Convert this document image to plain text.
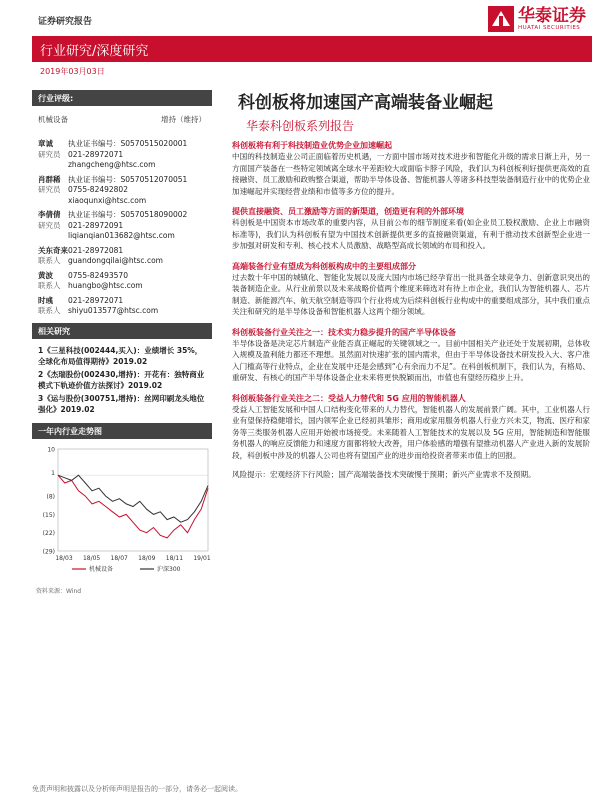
证券研究报告	华泰证券
HUATAI SECURITIES
行业研究/深度研究
2019年03月03日
行业评级:
机械设备	增持（维持）
章诚
研究员
执业证书编号：S0570515020001
021-28972071
zhangcheng@htsc.com
肖群稀
研究员
执业证书编号：S0570512070051
0755-82492802
xiaoqunxi@htsc.com
李倩倩
研究员
执业证书编号：S0570518090002
021-28972091
liqianqian013682@htsc.com
关东奇来
联系人
021-28972081
guandongqilai@htsc.com
黄波
联系人
0755-82493570
huangbo@htsc.com
时彧
联系人
021-28972071
shiyu013577@htsc.com
相关研究
1《三星科技(002444,买入)：业绩增长 35%，全球化布局值得期待》2019.02
2《杰瑞股份(002430,增持)：开花有：独特商业模式下轨迹价值方法探讨》2019.02
3《运与股份(300751,增持)：丝网印刷龙头地位强化》2019.02
一年内行业走势图
10
1
(8)
(15)
(22)
(29)
18/03 18/05 18/07 18/09 18/11 19/01
机械设备	沪深300
资料来源：Wind
科创板将加速国产高端装备业崛起
华泰科创板系列报告
科创板将有利于科技制造业优势企业加速崛起
中国的科技制造业公司正面临着历史机遇，一方面中国市场对技术进步和智能化升级的需求日渐上升，另一方面国产装备在一些特定领域离全球水平差距较大或面临卡脖子风险，我们认为科创板利好提供更高效的直接融资、员工激励和政购整合渠道，帮助半导体设备、智能机器人等诸多科技型装备制造行业中的优势企业加速崛起并实现经营业绩和市值等多方位的提升。
提供直接融资、员工激励等方面的新渠道，创造更有利的外部环境
科创板是中国资本市场改革的重要内容，从目前公布的细节制度来看(如企业员工股权激励、企业上市融资标准等)，我们认为科创板有望为中国技术创新提供更多的直接融资渠道，有利于推动技术创新型企业进一步加强对研发和专利、核心技术人员激励、战略型高成长领域的布局和投入。
高端装备行业有望成为科创板构成中的主要组成部分
过去数十年中国的城镇化、智能化发展以及庞大国内市场已经孕育出一批具备全球竞争力、创新意识突出的装备制造企业。从行业前景以及未来战略价值两个维度来筛选对有待上市企业，我们认为智能机器人、芯片制造、新能源汽车、航天航空制造等四个行业将成为后续科创板行业构成中的重要组成部分，其中我们重点关注和研究的是半导体设备和智能机器人这两个细分领域。
科创板装备行业关注之一：技术实力稳步提升的国产半导体设备
半导体设备是决定芯片制造产业能否真正崛起的关键领域之一。目前中国相关产业还处于发展初期，总体收入规模及盈利能力都还不理想。虽然面对快速扩张的国内需求，但由于半导体设备技术研发投入大、客户准入门槛高等行业特点，企业在发展中还是会感到“心有余而力不足”。在科创板机制下，我们认为，有格局、重研发、有核心的国产半导体设备企业未来将更快脱颖而出，市值也有望经历稳步上升。
科创板装备行业关注之二：受益人力替代和 5G 应用的智能机器人
受益人工智能发展和中国人口结构变化带来的人力替代，智能机器人的发展前景广阔。其中，工业机器人行业有望保持稳健增长，国内领军企业已经初具雏形；商用或家用服务机器人行业方兴未艾，物流、医疗和家务等三类服务机器人应用开始被市场接受。未来随着人工智能技术的发展以及 5G 应用，智能制造和智能服务机器人的响应反馈能力和速度方面都将较大改善，用户体验感的增强有望推动机器人产业进入新的发展阶段，科创板中涉及的机器人公司也将有望国产业的进步而给投资者带来市值上的回报。
风险提示：宏观经济下行风险；国产高端装备技术突破慢于预期；新兴产业需求不及预期。
免责声明和披露以及分析师声明是报告的一部分，请务必一起阅读。
